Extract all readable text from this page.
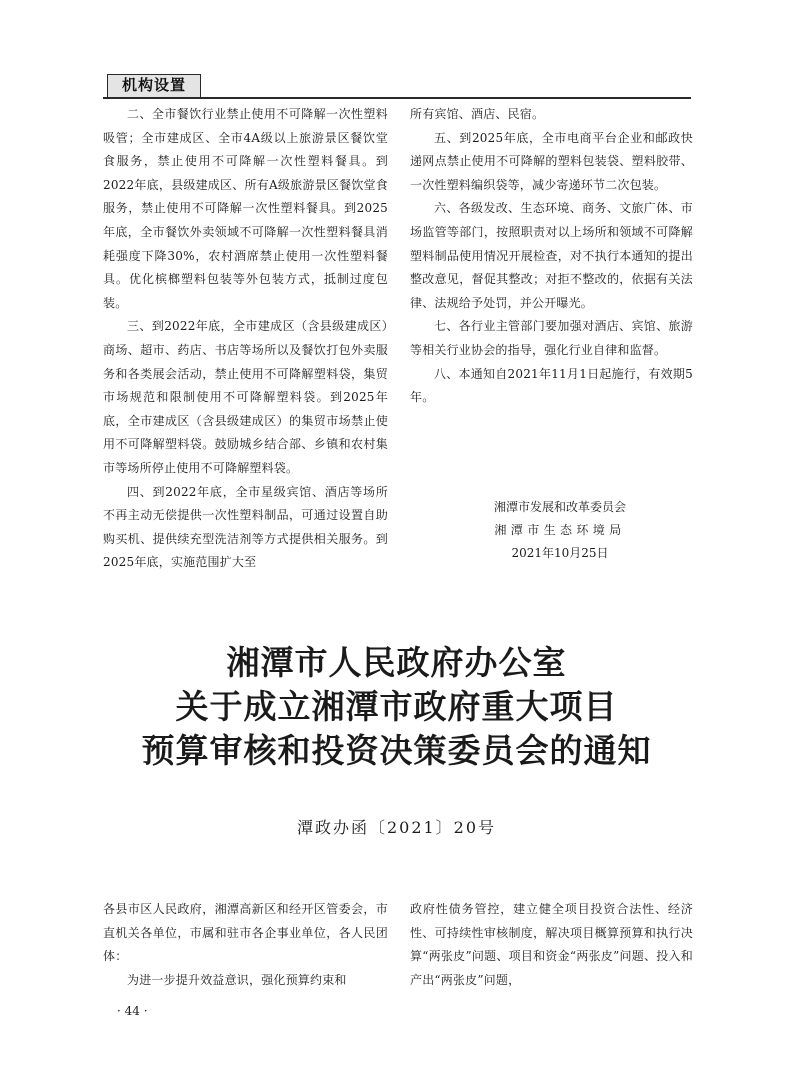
机构设置

二、全市餐饮行业禁止使用不可降解一次性塑料吸管；全市建成区、全市4A级以上旅游景区餐饮堂食服务，禁止使用不可降解一次性塑料餐具。到2022年底，县级建成区、所有A级旅游景区餐饮堂食服务，禁止使用不可降解一次性塑料餐具。到2025年底，全市餐饮外卖领域不可降解一次性塑料餐具消耗强度下降30%，农村酒席禁止使用一次性塑料餐具。优化槟榔塑料包装等外包装方式，抵制过度包装。

三、到2022年底，全市建成区（含县级建成区）商场、超市、药店、书店等场所以及餐饮打包外卖服务和各类展会活动，禁止使用不可降解塑料袋，集贸市场规范和限制使用不可降解塑料袋。到2025年底，全市建成区（含县级建成区）的集贸市场禁止使用不可降解塑料袋。鼓励城乡结合部、乡镇和农村集市等场所停止使用不可降解塑料袋。

四、到2022年底，全市星级宾馆、酒店等场所不再主动无偿提供一次性塑料制品，可通过设置自助购买机、提供续充型洗洁剂等方式提供相关服务。到2025年底，实施范围扩大至

所有宾馆、酒店、民宿。

五、到2025年底，全市电商平台企业和邮政快递网点禁止使用不可降解的塑料包装袋、塑料胶带、一次性塑料编织袋等，减少寄递环节二次包装。

六、各级发改、生态环境、商务、文旅广体、市场监管等部门，按照职责对以上场所和领域不可降解塑料制品使用情况开展检查，对不执行本通知的提出整改意见，督促其整改；对拒不整改的，依据有关法律、法规给予处罚，并公开曝光。

七、各行业主管部门要加强对酒店、宾馆、旅游等相关行业协会的指导，强化行业自律和监督。

八、本通知自2021年11月1日起施行，有效期5年。

湘潭市发展和改革委员会
湘潭市生态环境局
2021年10月25日
湘潭市人民政府办公室
关于成立湘潭市政府重大项目
预算审核和投资决策委员会的通知
潭政办函〔2021〕20号

各县市区人民政府，湘潭高新区和经开区管委会，市直机关各单位，市属和驻市各企事业单位，各人民团体：

为进一步提升效益意识，强化预算约束和

政府性债务管控，建立健全项目投资合法性、经济性、可持续性审核制度，解决项目概算预算和执行决算“两张皮”问题、项目和资金“两张皮”问题、投入和产出“两张皮”问题，

· 44 ·
